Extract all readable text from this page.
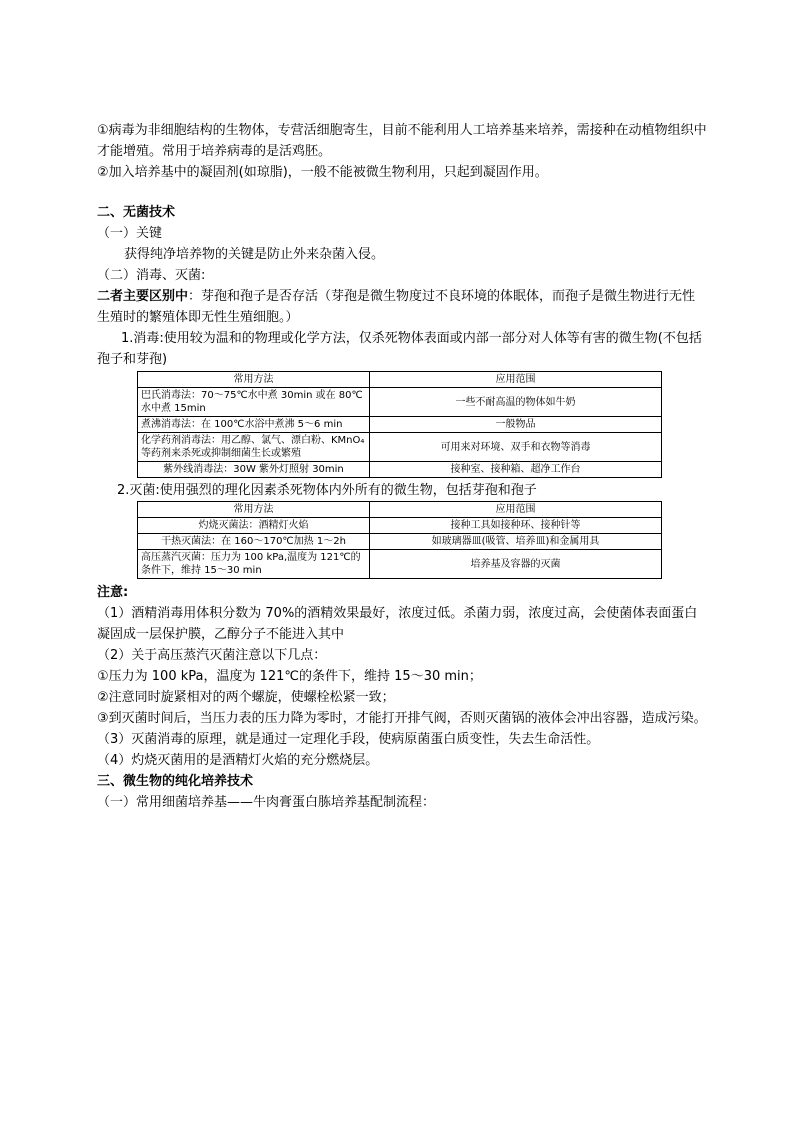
①病毒为非细胞结构的生物体，专营活细胞寄生，目前不能利用人工培养基来培养，需接种在动植物组织中才能增殖。常用于培养病毒的是活鸡胚。

②加入培养基中的凝固剂(如琼脂)，一般不能被微生物利用，只起到凝固作用。

二、无菌技术

（一）关键

获得纯净培养物的关键是防止外来杂菌入侵。

（二）消毒、灭菌:

二者主要区别中：芽孢和孢子是否存活（芽孢是微生物度过不良环境的体眠体，而孢子是微生物进行无性生殖时的繁殖体即无性生殖细胞。）

1.消毒:使用较为温和的物理或化学方法，仅杀死物体表面或内部一部分对人体等有害的微生物(不包括孢子和芽孢)

常用方法	应用范围
巴氏消毒法：70～75℃水中煮 30min 或在 80℃水中煮 15min	一些不耐高温的物体如牛奶
煮沸消毒法：在 100℃水浴中煮沸 5～6 min	一般物品
化学药剂消毒法：用乙醇、氯气、漂白粉、KMnO₄等药剂来杀死或抑制细菌生长或繁殖	可用来对环境、双手和衣物等消毒
紫外线消毒法：30W 紫外灯照射 30min	接种室、接种箱、超净工作台

2.灭菌:使用强烈的理化因素杀死物体内外所有的微生物，包括芽孢和孢子

常用方法	应用范围
灼烧灭菌法：酒精灯火焰	接种工具如接种环、接种针等
干热灭菌法：在 160～170℃加热 1～2h	如玻璃器皿(吸管、培养皿)和金属用具
高压蒸汽灭菌：压力为 100 kPa,温度为 121℃的条件下，维持 15～30 min	培养基及容器的灭菌

注意:

（1）酒精消毒用体积分数为 70%的酒精效果最好，浓度过低。杀菌力弱，浓度过高，会使菌体表面蛋白凝固成一层保护膜，乙醇分子不能进入其中

（2）关于高压蒸汽灭菌注意以下几点：

①压力为 100 kPa，温度为 121℃的条件下，维持 15～30 min；

②注意同时旋紧相对的两个螺旋，使螺栓松紧一致；

③到灭菌时间后，当压力表的压力降为零时，才能打开排气阀，否则灭菌锅的液体会冲出容器，造成污染。

（3）灭菌消毒的原理，就是通过一定理化手段，使病原菌蛋白质变性，失去生命活性。

（4）灼烧灭菌用的是酒精灯火焰的充分燃烧层。

三、微生物的纯化培养技术

（一）常用细菌培养基——牛肉膏蛋白胨培养基配制流程：
